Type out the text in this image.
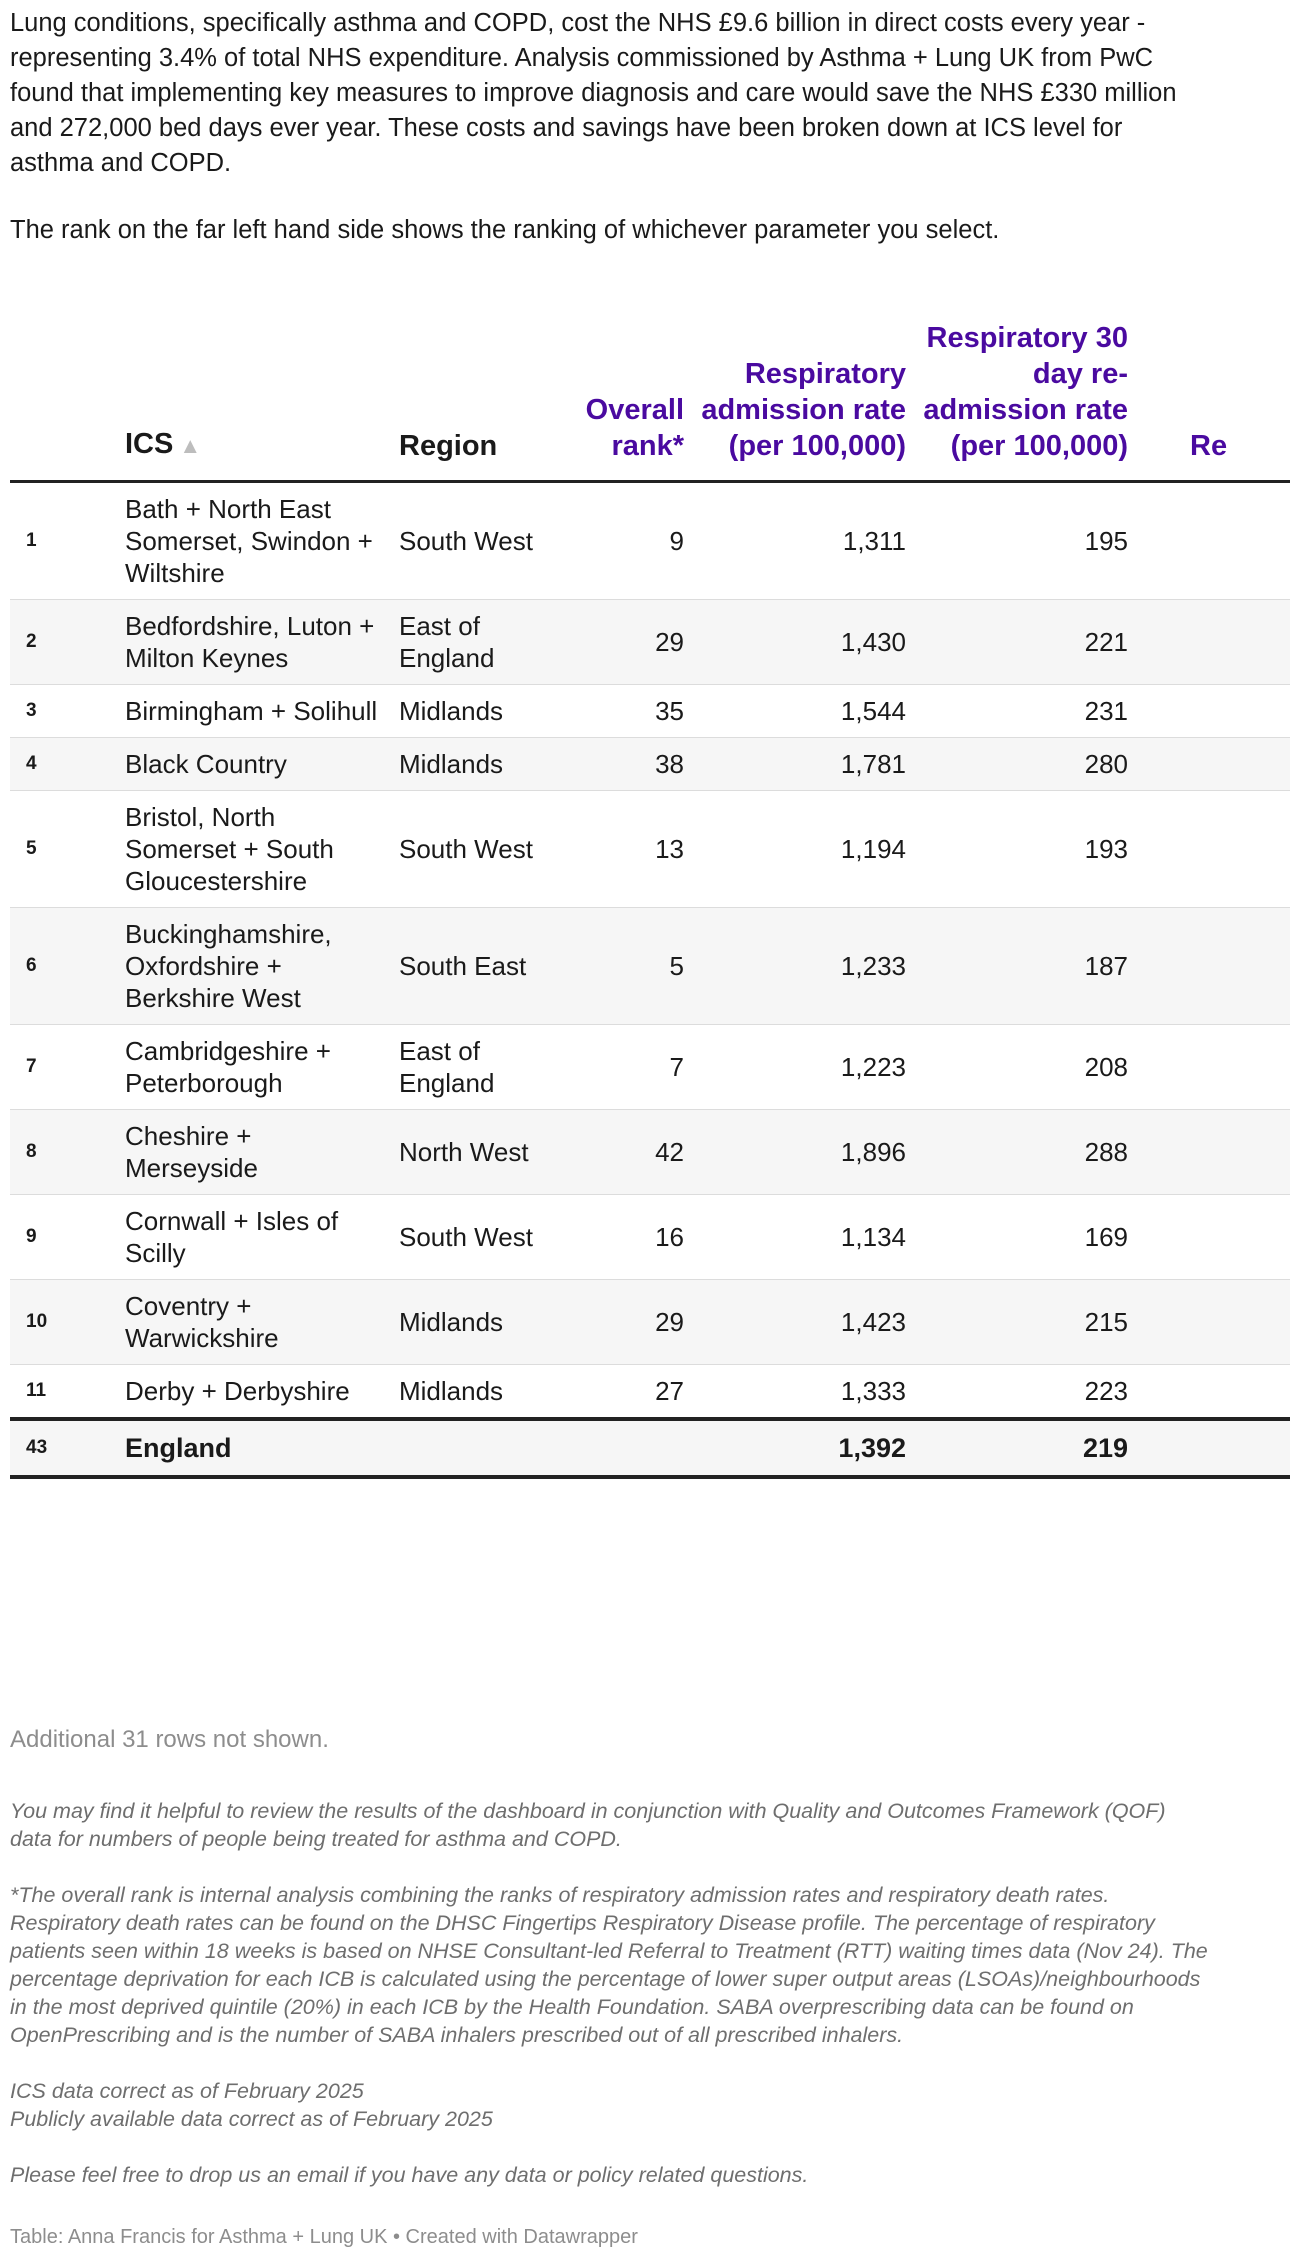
Lung conditions, specifically asthma and COPD, cost the NHS £9.6 billion in direct costs every year - representing 3.4% of total NHS expenditure. Analysis commissioned by Asthma + Lung UK from PwC found that implementing key measures to improve diagnosis and care would save the NHS £330 million and 272,000 bed days ever year. These costs and savings have been broken down at ICS level for asthma and COPD.

The rank on the far left hand side shows the ranking of whichever parameter you select.

	ICS ▲	Region	Overall rank*	Respiratory admission rate (per 100,000)	Respiratory 30 day re-admission rate (per 100,000)	Re
1	Bath + North East Somerset, Swindon + Wiltshire	South West	9	1,311	195	
2	Bedfordshire, Luton + Milton Keynes	East of England	29	1,430	221	
3	Birmingham + Solihull	Midlands	35	1,544	231	
4	Black Country	Midlands	38	1,781	280	
5	Bristol, North Somerset + South Gloucestershire	South West	13	1,194	193	
6	Buckinghamshire, Oxfordshire + Berkshire West	South East	5	1,233	187	
7	Cambridgeshire + Peterborough	East of England	7	1,223	208	
8	Cheshire + Merseyside	North West	42	1,896	288	
9	Cornwall + Isles of Scilly	South West	16	1,134	169	
10	Coventry + Warwickshire	Midlands	29	1,423	215	
11	Derby + Derbyshire	Midlands	27	1,333	223	
43	England			1,392	219	
Additional 31 rows not shown.

You may find it helpful to review the results of the dashboard in conjunction with Quality and Outcomes Framework (QOF) data for numbers of people being treated for asthma and COPD.

*The overall rank is internal analysis combining the ranks of respiratory admission rates and respiratory death rates. Respiratory death rates can be found on the DHSC Fingertips Respiratory Disease profile. The percentage of respiratory patients seen within 18 weeks is based on NHSE Consultant-led Referral to Treatment (RTT) waiting times data (Nov 24). The percentage deprivation for each ICB is calculated using the percentage of lower super output areas (LSOAs)/neighbourhoods in the most deprived quintile (20%) in each ICB by the Health Foundation. SABA overprescribing data can be found on OpenPrescribing and is the number of SABA inhalers prescribed out of all prescribed inhalers.

ICS data correct as of February 2025
Publicly available data correct as of February 2025

Please feel free to drop us an email if you have any data or policy related questions.

Table: Anna Francis for Asthma + Lung UK • Created with Datawrapper
